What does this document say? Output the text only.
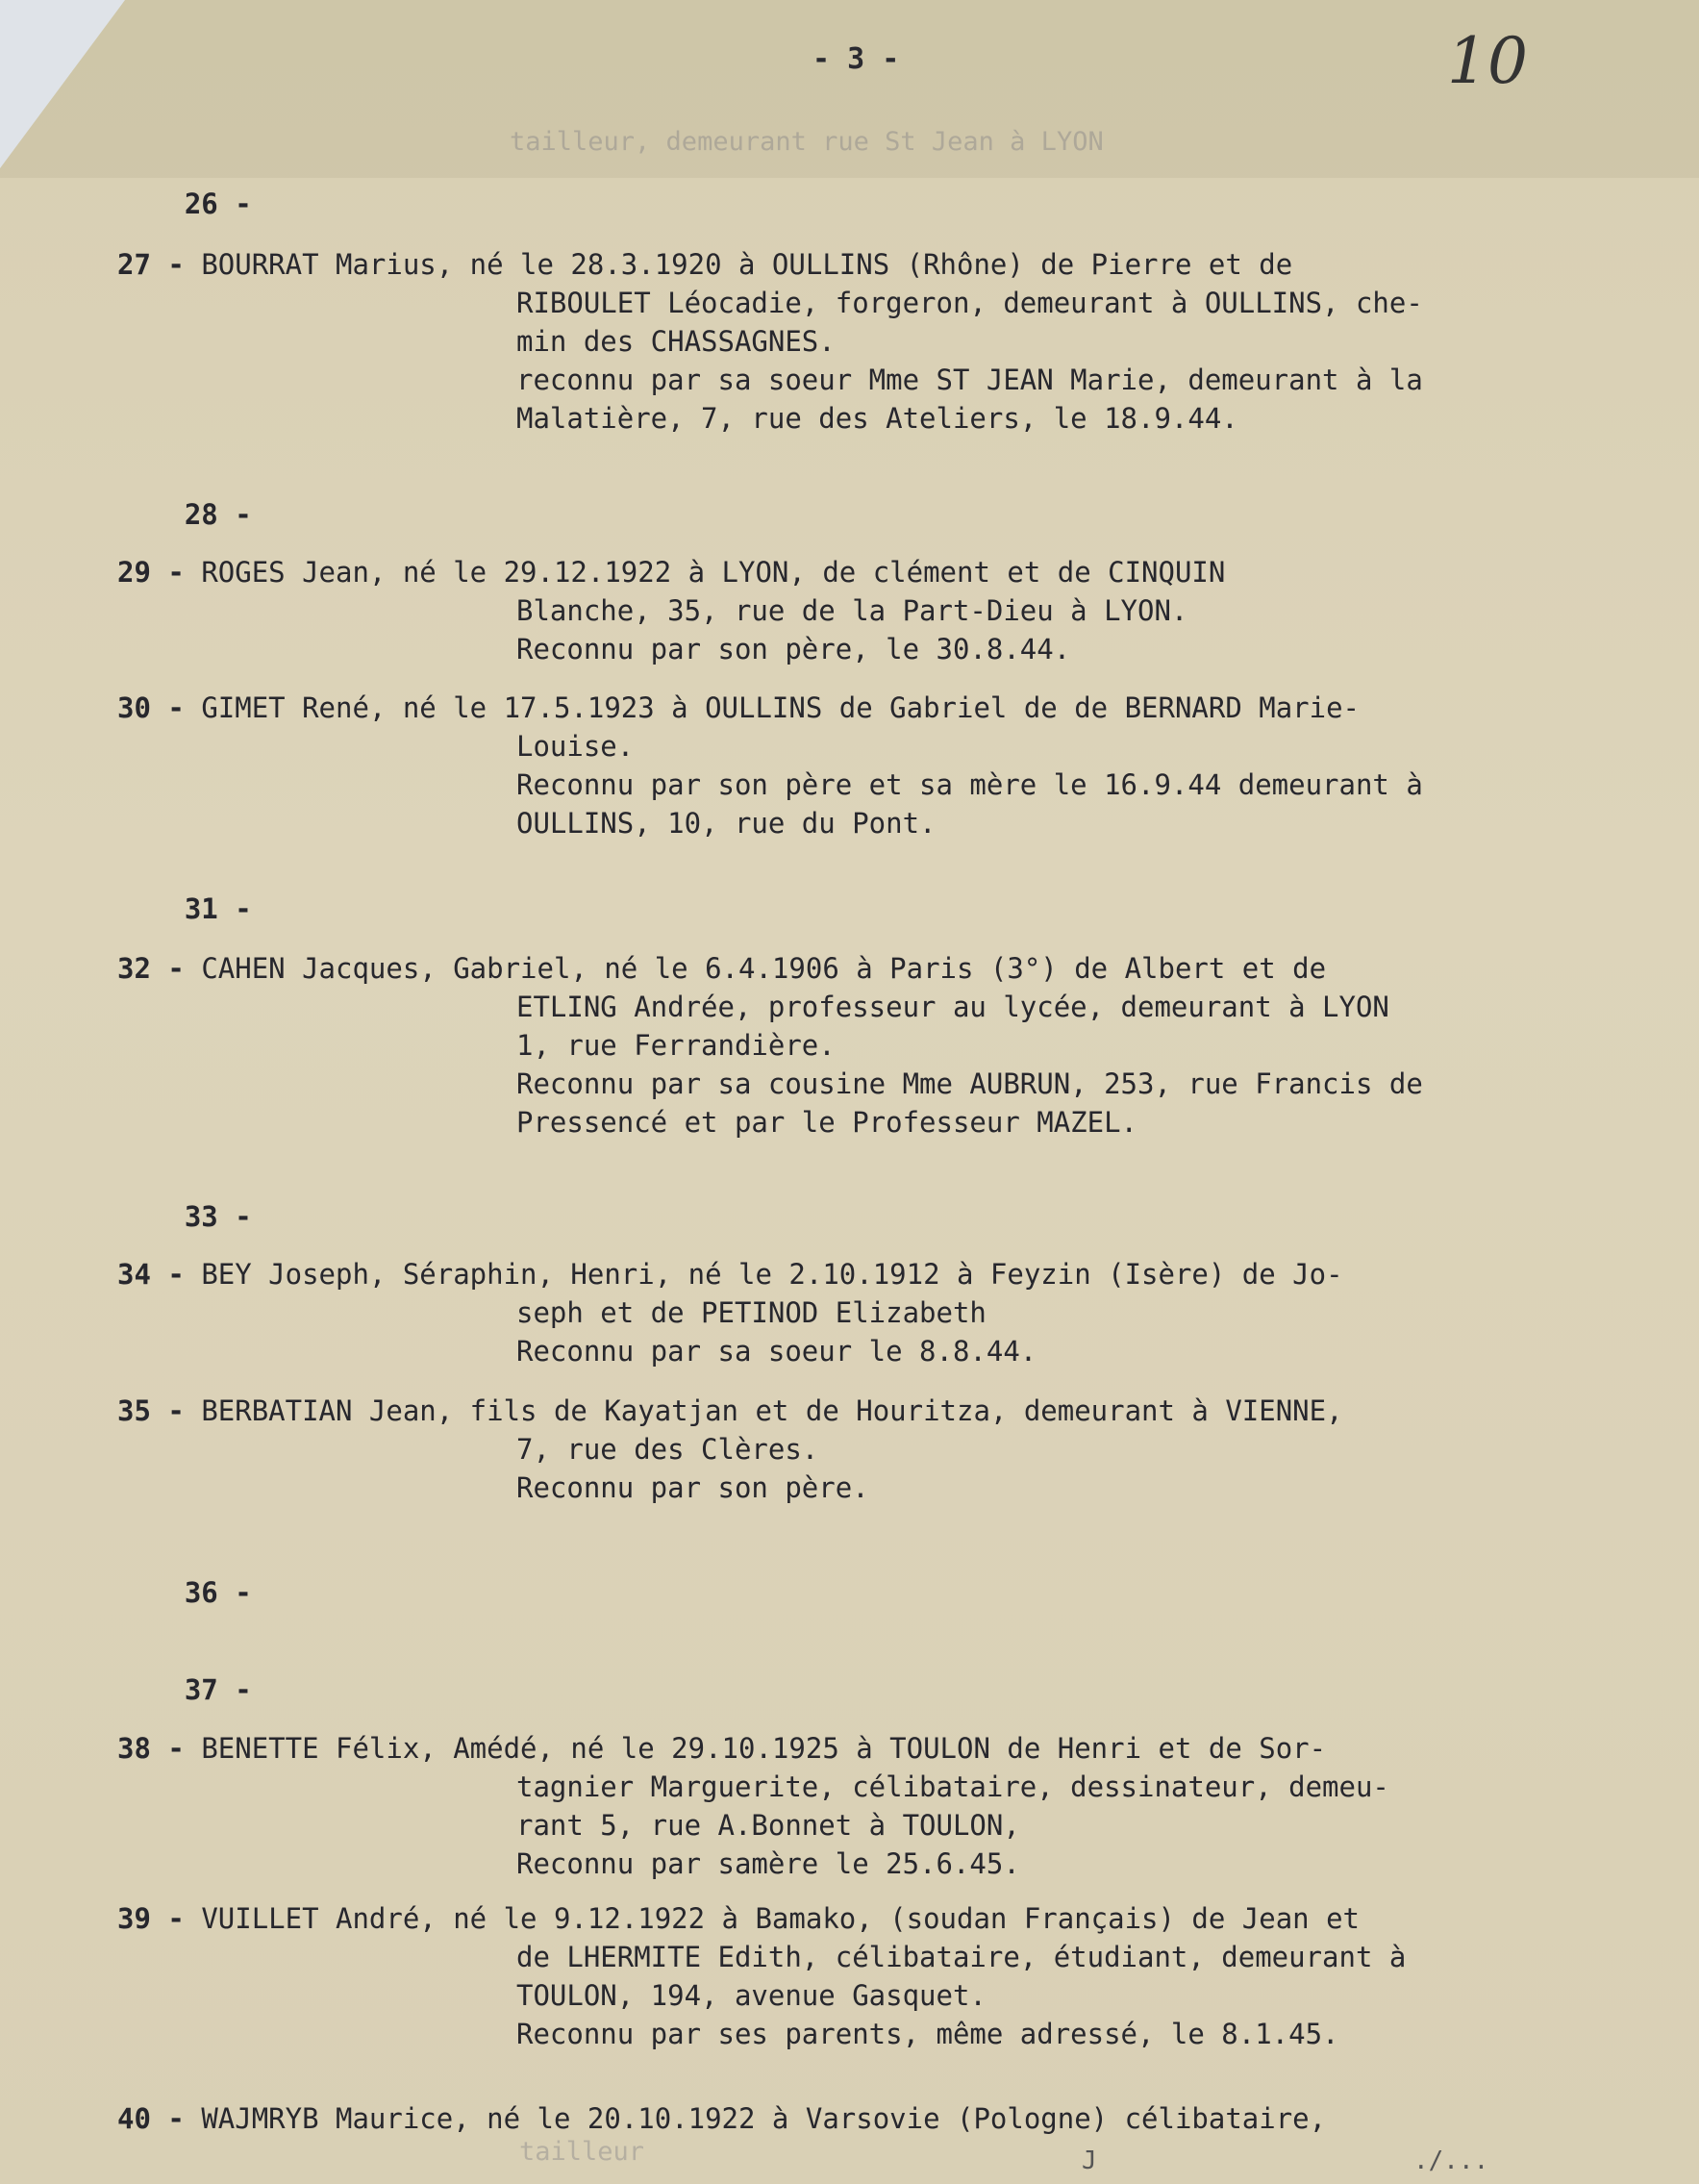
- 3 -	10
tailleur, demeurant rue St Jean à LYON
tailleur

26 -

27 - BOURRAT Marius, né le 28.3.1920 à OULLINS (Rhône) de Pierre et de
RIBOULET Léocadie, forgeron, demeurant à OULLINS, che-
min des CHASSAGNES.
reconnu par sa soeur Mme ST JEAN Marie, demeurant à la
Malatière, 7, rue des Ateliers, le 18.9.44.

28 -

29 - ROGES Jean, né le 29.12.1922 à LYON, de clément et de CINQUIN
Blanche, 35, rue de la Part-Dieu à LYON.
Reconnu par son père, le 30.8.44.
30 - GIMET René, né le 17.5.1923 à OULLINS de Gabriel de de BERNARD Marie-
Louise.
Reconnu par son père et sa mère le 16.9.44 demeurant à
OULLINS, 10, rue du Pont.

31 -

32 - CAHEN Jacques, Gabriel, né le 6.4.1906 à Paris (3°) de Albert et de
ETLING Andrée, professeur au lycée, demeurant à LYON
1, rue Ferrandière.
Reconnu par sa cousine Mme AUBRUN, 253, rue Francis de
Pressencé et par le Professeur MAZEL.

33 -

34 - BEY Joseph, Séraphin, Henri, né le 2.10.1912 à Feyzin (Isère) de Jo-
seph et de PETINOD Elizabeth
Reconnu par sa soeur le 8.8.44.
35 - BERBATIAN Jean, fils de Kayatjan et de Houritza, demeurant à VIENNE,
7, rue des Clères.
Reconnu par son père.

36 -

37 -

38 - BENETTE Félix, Amédé, né le 29.10.1925 à TOULON de Henri et de Sor-
tagnier Marguerite, célibataire, dessinateur, demeu-
rant 5, rue A.Bonnet à TOULON,
Reconnu par samère le 25.6.45.
39 - VUILLET André, né le 9.12.1922 à Bamako, (soudan Français) de Jean et
de LHERMITE Edith, célibataire, étudiant, demeurant à
TOULON, 194, avenue Gasquet.
Reconnu par ses parents, même adressé, le 8.1.45.
40 - WAJMRYB Maurice, né le 20.10.1922 à Varsovie (Pologne) célibataire,
J	./...
